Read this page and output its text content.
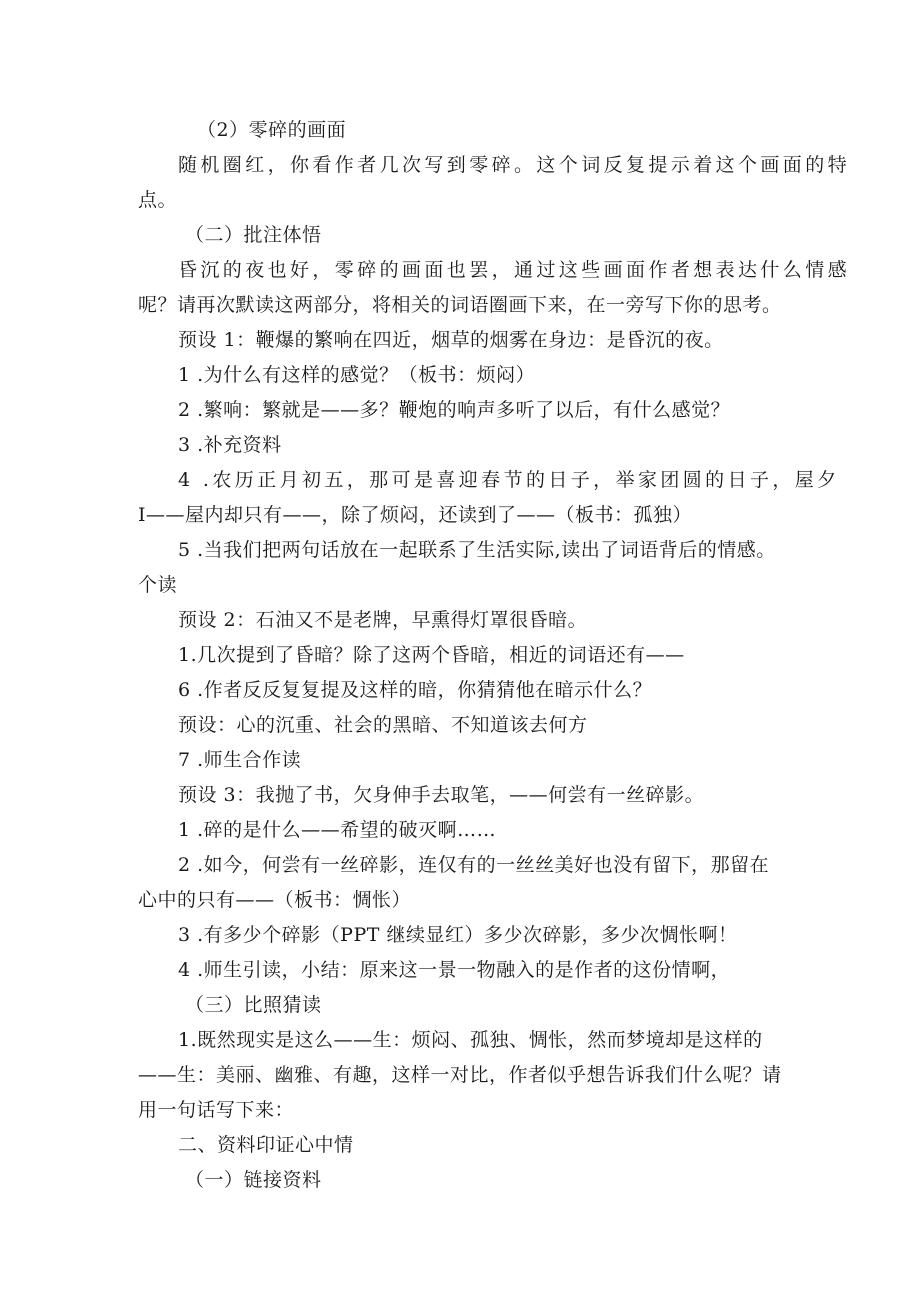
（2）零碎的画面
随机圈红，你看作者几次写到零碎。这个词反复提示着这个画面的特
点。
（二）批注体悟
昏沉的夜也好，零碎的画面也罢，通过这些画面作者想表达什么情感
呢？请再次默读这两部分，将相关的词语圈画下来，在一旁写下你的思考。
预设 1：鞭爆的繁响在四近，烟草的烟雾在身边：是昏沉的夜。
1 .为什么有这样的感觉？（板书：烦闷）
2 .繁响：繁就是——多？鞭炮的响声多听了以后，有什么感觉？
3 .补充资料
4 .农历正月初五，那可是喜迎春节的日子，举家团圆的日子，屋夕
I——屋内却只有——，除了烦闷，还读到了——（板书：孤独）
5 .当我们把两句话放在一起联系了生活实际,读出了词语背后的情感。
个读
预设 2：石油又不是老牌，早熏得灯罩很昏暗。
1.几次提到了昏暗？除了这两个昏暗，相近的词语还有——
6 .作者反反复复提及这样的暗，你猜猜他在暗示什么？
预设：心的沉重、社会的黑暗、不知道该去何方
7 .师生合作读
预设 3：我抛了书，欠身伸手去取笔，——何尝有一丝碎影。
1 .碎的是什么——希望的破灭啊……
2 .如今，何尝有一丝碎影，连仅有的一丝丝美好也没有留下，那留在
心中的只有——（板书：惆怅）
3 .有多少个碎影（PPT 继续显红）多少次碎影，多少次惆怅啊！
4 .师生引读，小结：原来这一景一物融入的是作者的这份情啊，
（三）比照猜读
1.既然现实是这么——生：烦闷、孤独、惆怅，然而梦境却是这样的
——生：美丽、幽雅、有趣，这样一对比，作者似乎想告诉我们什么呢？请
用一句话写下来：
二、资料印证心中情
（一）链接资料
